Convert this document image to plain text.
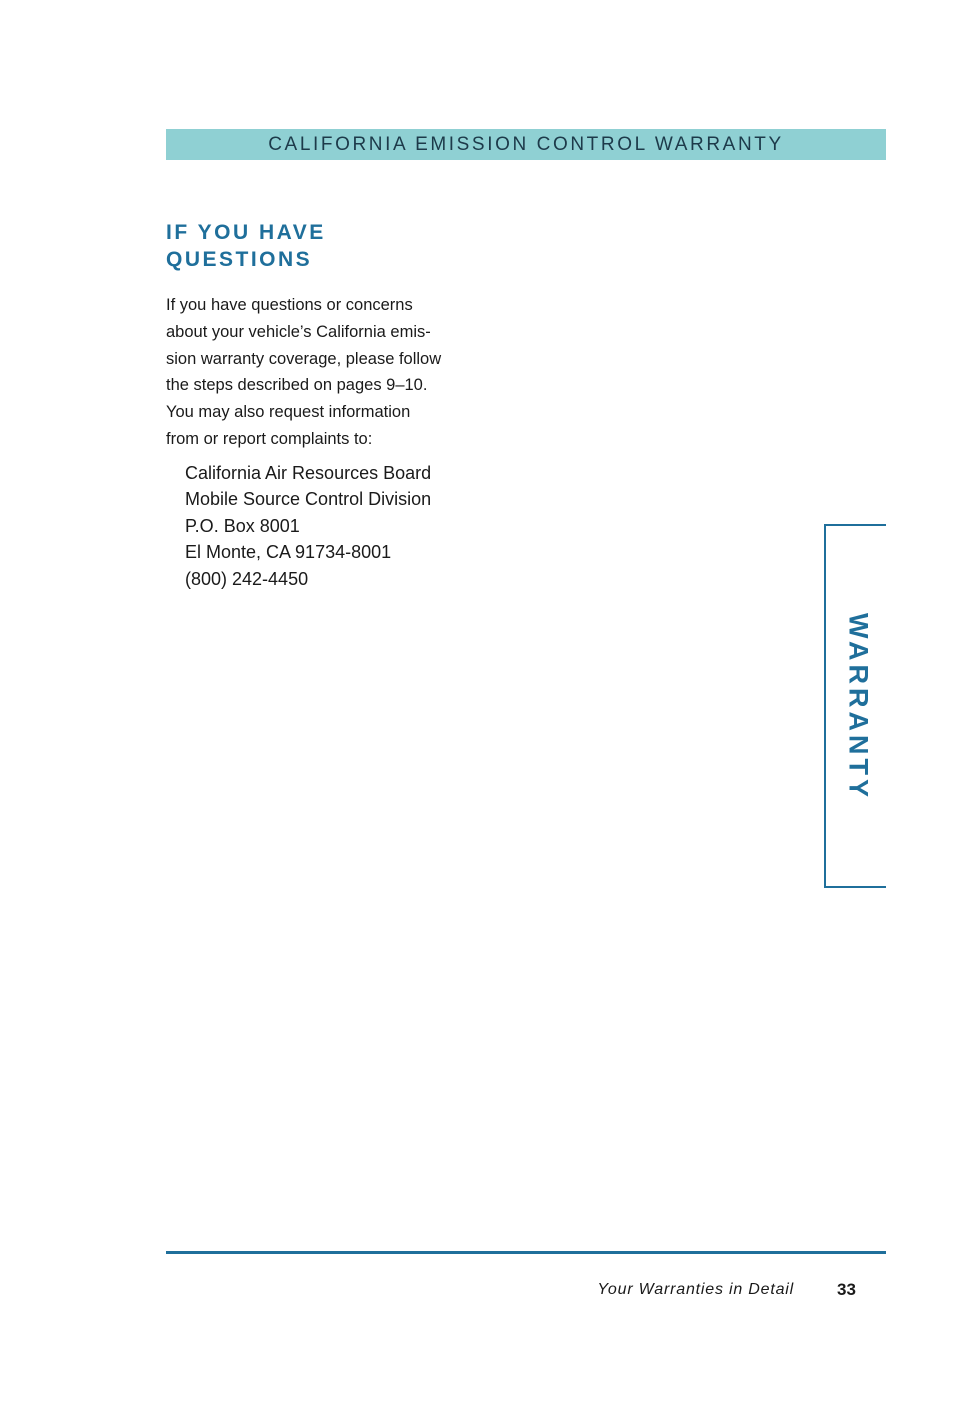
CALIFORNIA EMISSION CONTROL WARRANTY
IF YOU HAVE
QUESTIONS
If you have questions or concerns
about your vehicle’s California emis-
sion warranty coverage, please follow
the steps described on pages 9–10.
You may also request information
from or report complaints to:
California Air Resources Board
Mobile Source Control Division
P.O. Box 8001
El Monte, CA 91734-8001
(800) 242-4450
WARRANTY
Your Warranties in Detail	33
